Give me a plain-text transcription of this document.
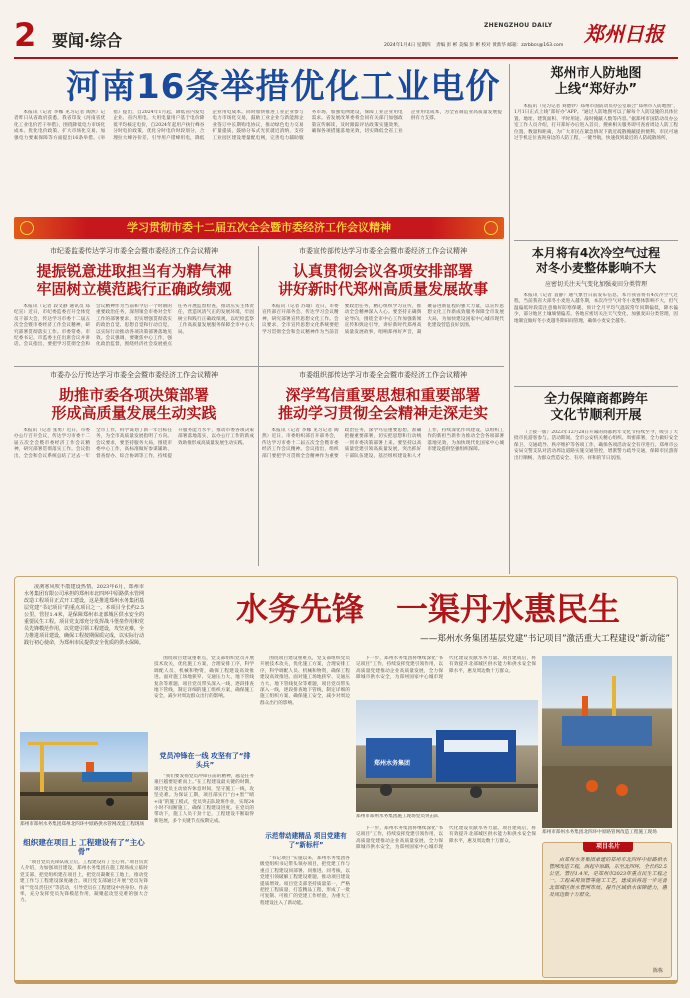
2 要闻·综合
ZHENGZHOU DAILY 郑州日报
2024年1月4日 星期四 责编 彭 彬 美编 彭 彬 校对 黄新华 邮箱：zzrbbcs@163.com
河南16条举措优化工业电价

本报讯（记者 李娜 见习记者 陶然）记者昨日从省政府获悉，我省印发《河南省优化工业电价若干举措》，围绕降低电力市场化成本、优化电价政策、扩大市场化交易、加强电力要素保障等方面提出16条举措。《举措》提出，自2024年1月起，降低省内发电企业、省内用电、大用电量用户基于电价降低平均核定电价，自2024年起用户执行峰谷分时电价政策，优化分时电价时段划分，合理拉大峰谷价差，引导用户错峰用电，降低企业用电成本。同时加快推进工业企业参与电力市场化交易，鼓励工业企业与新能源企业签订中长期购电协议，推动绿色电力交易扩量提质，鼓励分布式光伏就近消纳，支持工业园区建设增量配电网，完善电力辅助服务市场，加强电网建设，保障工业企业用电需求。省发展改革委将会同有关部门加强政策宣传解读，及时跟踪评估政策实施效果，确保各项措施落地见效，切实降低全省工业企业用电成本，为全省制造业高质量发展提供有力支撑。

学习贯彻市委十二届五次全会暨市委经济工作会议精神
市纪委监委传达学习市委全会暨市委经济工作会议精神
提振锐意进取担当有为精气神
牢固树立模范践行正确政绩观

本报讯（记者 段文静 通讯员 郑纪宣）近日，市纪委监委召开全体党员干部大会，传达学习市委十二届五次全会暨市委经济工作会议精神，研究部署贯彻落实工作。市委常委、市纪委书记、市监委主任出席会议并讲话。会议指出，要把学习贯彻全会和会议精神作为当前和今后一个时期的重要政治任务，深刻领会市委对全年工作的部署要求，切实增强贯彻落实的政治自觉、思想自觉和行动自觉，以实际行动推动各项决策部署落地见效。会议强调，要聚焦中心工作，强化政治监督，围绕经济社会发展重点任务开展监督检查，推动压实主体责任，营造风清气正的发展环境，牢固树立和践行正确政绩观，以纪检监察工作高质量发展服务保障全市中心大局。

市委宣传部传达学习市委全会暨市委经济工作会议精神
认真贯彻会议各项安排部署
讲好新时代郑州高质量发展故事

本报讯（记者 苏瑜）近日，市委宣传部召开部务会、传达学习会议精神，研究部署宣传思想文化工作。会议要求，全市宣传思想文化系统要把学习贯彻全会和会议精神作为当前首要政治任务，精心组织学习宣传，推动全会精神深入人心。要坚持正确舆论导向，围绕全市中心工作加强新闻宣传和舆论引导，讲好新时代郑州高质量发展故事，唱响郑州好声音，凝聚奋进新征程的强大力量，以宣传思想文化工作新成效服务保障全市发展大局，为加快建设国家中心城市现代化建设营造良好氛围。

市委办公厅传达学习市委全会暨市委经济工作会议精神
助推市委各项决策部署
形成高质量发展生动实践

本报讯（记者 张勇）近日，市委办公厅召开会议，传达学习市委十二届五次全会暨市委经济工作会议精神，研究部署贯彻落实工作。会议指出，全会和会议系统总结了过去一年全市工作，科学谋划了新一年目标任务，为全市高质量发展指明了方向。会议要求，要坚持服务大局，围绕市委中心工作，高标准做好参谋辅助、督查督办、综合协调等工作，持续提升服务能力水平，推动市委各项决策部署落地落实，以办公厅工作的新成效助推形成高质量发展生动实践。

市委组织部传达学习市委全会暨市委经济工作会议精神
深学笃信重要思想和重要部署
推动学习贯彻全会精神走深走实

本报讯（记者 李娜 见习记者 陶然）近日，市委组织部召开部务会，传达学习市委十二届五次全会暨市委经济工作会议精神。会议指出，组织部门要把学习贯彻全会精神作为重要政治任务，深学笃信重要思想，准确把握重要部署，切实把思想和行动统一到市委决策部署上来。要坚持以高质量党建引领高质量发展，突出抓好干部队伍建设、基层组织建设和人才工作，持续深化作风建设，以组织工作的新担当新作为推动全会各项部署落地见效，为加快现代化国家中心城市建设提供坚强组织保障。

郑州市人防地图
上线“郑好办”

本报讯（见习记者 刘德钞）郑州市国防动员办公室联合“郑州市人防地图”，1月1日正式上线“郑好办”APP。“通过人防地图可以了解每个人防设施的具体位置、地址、建筑面积、平时用途、战时掩蔽人数等内容。”据郑州市国防动员办公室工作人员介绍，打开郑好办后进入首页，搜索相关服务即可查看周边人防工程位置、数量和距离，为广大市民在紧急情况下就近疏散掩蔽提供便利。市民可通过手机定位查询身边的人防工程，一键导航，快速找到最近的人防疏散场所。

本月将有4次冷空气过程
对冬小麦整体影响不大
应密切关注天气变化加强麦田分类管理

本报讯（记者 袁静）通气象台日前发布信息，本月我省将有4次冷空气过程，当前我省大部冬小麦进入越冬期，本次冷空气对冬小麦整体影响不大，但气温偏低时段需注意做好防寒保暖。预计全月平均气温较常年同期偏低，降水偏少，部分地区土壤墒情偏差。各地应密切关注天气变化，加强麦田分类管理，因地制宜做好冬小麦越冬期田间管理，确保小麦安全越冬。

全力保障商都跨年
文化节顺利开展

（上接一版）2023年12月28日开幕的商都跨年文化节持续至今，吸引了大批市民游客参与。活动期间，全市公安机关精心组织、周密部署，全力做好安全保卫、交通疏导、秩序维护等各项工作，确保各项活动安全有序进行。郑州市公安局交警支队对活动周边道路实施交通管控，增派警力疏导交通，保障市民游客出行顺畅，为群众营造安全、有序、祥和的节日氛围。

凌冽寒风吹不散建设热情。2023年6月，郑州市水务集团有限公司承担的郑州市北四环中原路供水管网改造工程项目正式开工建设，这是推进郑州水务集团基层党建“书记项目”的重点项目之一。本项目全长约2.5公里，管径1.4米，是保障郑州市北部城区供水安全的重要民生工程。项目党支部充分发挥战斗堡垒作用和党员先锋模范作用，以党建引领工程建设，攻坚克难，全力推进项目建设，确保工程按期保质完成，以实际行动践行初心使命，为郑州市民提供安全优质的供水保障。

水务先锋　一渠丹水惠民生
——郑州水务集团基层党建“书记项目”激活重大工程建设“新动能”
郑州市郑州水务集团郑州北四环中原路供水管网改造工程现场
组织建在项目上 工程建设有了“主心骨”

“项目党员先锋队成立后，工程建设有了主心骨。”项目负责人介绍，为加强项目建设，郑州水务集团在施工现场成立临时党支部，把党组织建在项目上，把党员凝聚在工地上，推动党建工作与工程建设深度融合。项目党支部通过开展“党员先锋岗”“党员责任区”等活动，引导党员在工程建设中亮身份、作表率，充分发挥党员先锋模范作用，凝聚起攻坚克难的强大合力。

围绕项目建设重难点，党支部组织党员开展技术攻关，优化施工方案，合理安排工序，科学调配人员、机械和物资，确保工程建设高效推进。面对施工场地狭窄、交通压力大、地下管线复杂等难题，项目党员带头深入一线，逐段排查地下管线，制定详细的施工组织方案，确保施工安全，减少对周边群众出行的影响。

党员冲锋在一线 攻坚有了“排头兵”

“我们要发扬党员冲锋在前的精神，越是任务艰巨越要迎难而上。”在工程建设最关键的时期，项目党员主动放弃休息时间，坚守施工一线，攻坚克难。为保证工期，项目部实行“白+黑”“晴+雨”的施工模式，党员突击队轮班作业，实现24小时不间断施工，确保工程建设进度。在党员的带动下，施工人员干劲十足，工程建设不断取得新进展，多个关键节点按期完成。

围绕项目建设重难点，党支部组织党员开展技术攻关，优化施工方案，合理安排工序，科学调配人员、机械和物资，确保工程建设高效推进。面对施工场地狭窄、交通压力大、地下管线复杂等难题，项目党员带头深入一线，逐段排查地下管线，制定详细的施工组织方案，确保施工安全，减少对周边群众出行的影响。

示范带动建精品 项目党建有了“新标杆”

“书记项目”实施以来，郑州水务集团各级党组织书记带头领办项目，把党建工作与重点工程建设同部署、同推进、同考核，以党建引领破解工程建设难题，推动项目建设提质增效。项目党支部坚持质量第一，严格把控工程质量，打造精品工程，形成了一批可复制、可推广的党建工作经验，为重大工程建设注入了新动能。

下一步，郑州水务集团将继续深化“书记项目”工作，持续发挥党建引领作用，以高质量党建推动企业高质量发展，全力保障城市供水安全，为郑州国家中心城市现代化建设贡献水务力量。项目建成后，将有效提升北部城区供水能力和供水安全保障水平，惠及周边数十万群众。

郑州水务集团
郑州市郑州水务集团施工现场党员突击队
郑州市郑州水务集团北四环中原路管网改造工程施工现场

下一步，郑州水务集团将继续深化“书记项目”工作，持续发挥党建引领作用，以高质量党建推动企业高质量发展，全力保障城市供水安全，为郑州国家中心城市现代化建设贡献水务力量。项目建成后，将有效提升北部城区供水能力和供水安全保障水平，惠及周边数十万群众。

项目名片

由郑州水务集团承建的郑州市北四环中原路供水管网改造工程，西起中原路，东至北四环，全长约2.5公里，管径1.4米，是郑州市2023年重点民生工程之一。工程采用顶管等施工工艺，建成后将进一步完善北部城区供水管网布局，提升区域供水保障能力，惠及周边数十万群众。

陈栋
